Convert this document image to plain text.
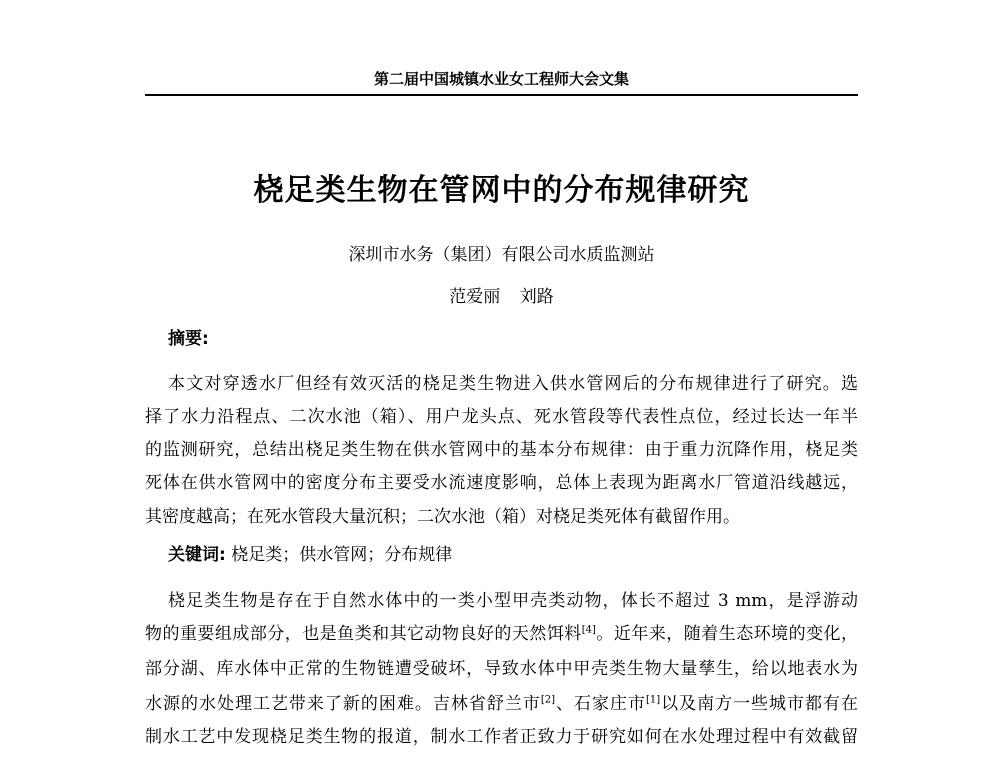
第二届中国城镇水业女工程师大会文集
桡足类生物在管网中的分布规律研究
深圳市水务（集团）有限公司水质监测站
范爱丽 刘路
摘要:
本文对穿透水厂但经有效灭活的桡足类生物进入供水管网后的分布规律进行了研究。选
择了水力沿程点、二次水池（箱）、用户龙头点、死水管段等代表性点位，经过长达一年半
的监测研究，总结出桡足类生物在供水管网中的基本分布规律：由于重力沉降作用，桡足类
死体在供水管网中的密度分布主要受水流速度影响，总体上表现为距离水厂管道沿线越远，
其密度越高；在死水管段大量沉积；二次水池（箱）对桡足类死体有截留作用。
关键词: 桡足类；供水管网；分布规律
桡足类生物是存在于自然水体中的一类小型甲壳类动物，体长不超过 3 mm，是浮游动
物的重要组成部分，也是鱼类和其它动物良好的天然饵料[4]。近年来，随着生态环境的变化，
部分湖、库水体中正常的生物链遭受破坏，导致水体中甲壳类生物大量孳生，给以地表水为
水源的水处理工艺带来了新的困难。吉林省舒兰市[2]、石家庄市[1]以及南方一些城市都有在
制水工艺中发现桡足类生物的报道，制水工作者正致力于研究如何在水处理过程中有效截留
